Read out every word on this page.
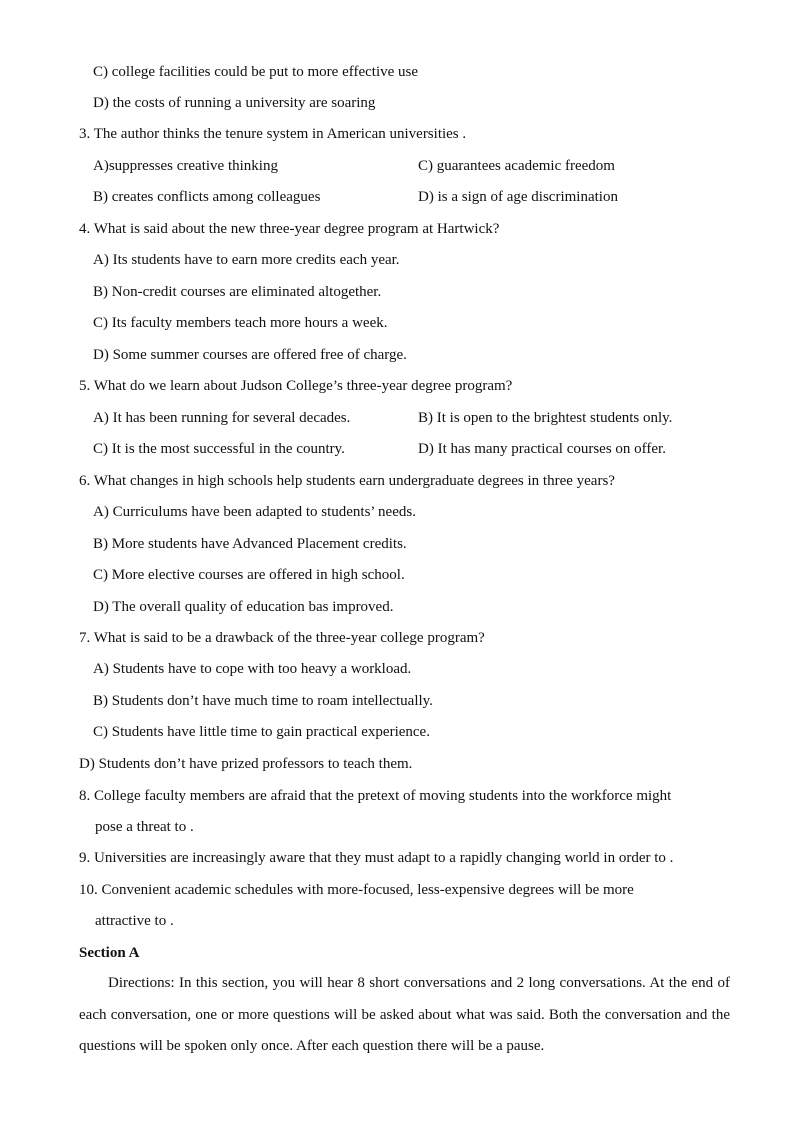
C) college facilities could be put to more effective use
D) the costs of running a university are soaring
3. The author thinks the tenure system in American universities .
A)suppresses creative thinking	C) guarantees academic freedom
B) creates conflicts among colleagues	D) is a sign of age discrimination
4. What is said about the new three-year degree program at Hartwick?
A) Its students have to earn more credits each year.
B) Non-credit courses are eliminated altogether.
C) Its faculty members teach more hours a week.
D) Some summer courses are offered free of charge.
5. What do we learn about Judson College’s three-year degree program?
A) It has been running for several decades.	B) It is open to the brightest students only.
C) It is the most successful in the country.	D) It has many practical courses on offer.
6. What changes in high schools help students earn undergraduate degrees in three years?
A) Curriculums have been adapted to students’ needs.
B) More students have Advanced Placement credits.
C) More elective courses are offered in high school.
D) The overall quality of education bas improved.
7. What is said to be a drawback of the three-year college program?
A) Students have to cope with too heavy a workload.
B) Students don’t have much time to roam intellectually.
C) Students have little time to gain practical experience.
D) Students don’t have prized professors to teach them.
8. College faculty members are afraid that the pretext of moving students into the workforce might
pose a threat to .
9. Universities are increasingly aware that they must adapt to a rapidly changing world in order to .
10. Convenient academic schedules with more-focused, less-expensive degrees will be more
attractive to .
Section A
Directions: In this section, you will hear 8 short conversations and 2 long conversations. At the end of each conversation, one or more questions will be asked about what was said. Both the conversation and the questions will be spoken only once. After each question there will be a pause.
